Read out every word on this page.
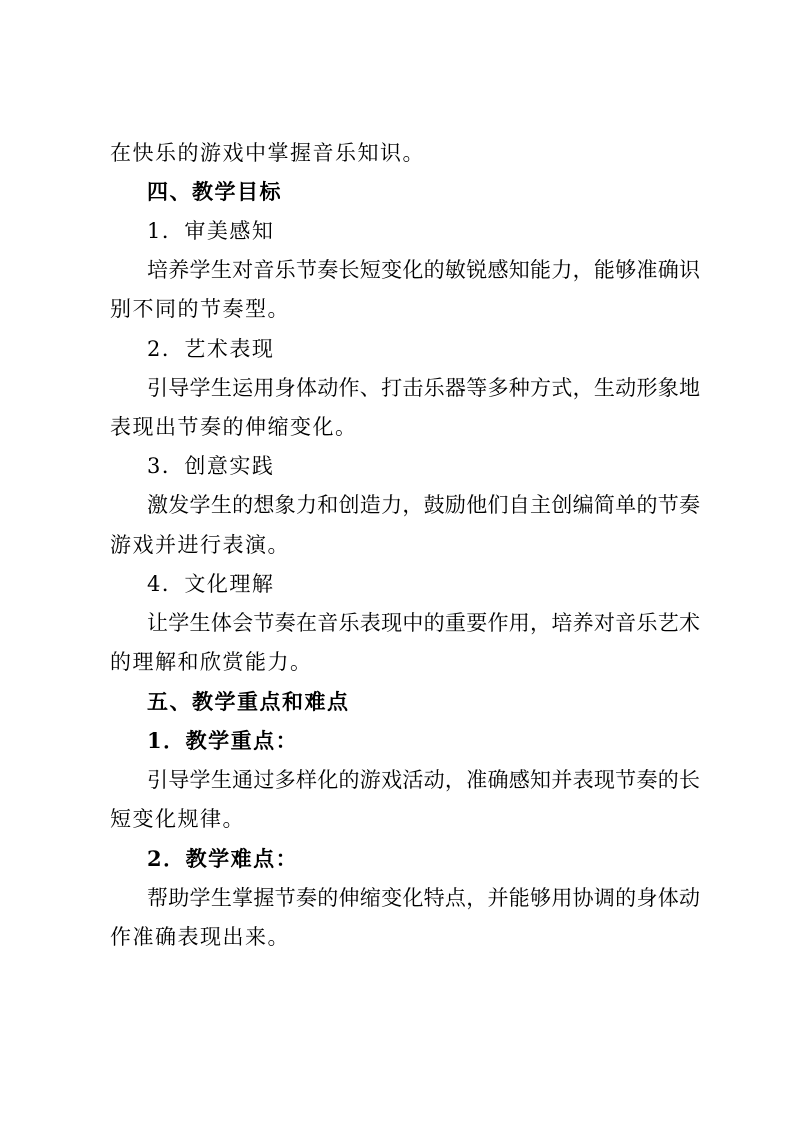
在快乐的游戏中掌握音乐知识。
四、教学目标
1．审美感知
培养学生对音乐节奏长短变化的敏锐感知能力，能够准确识
别不同的节奏型。
2．艺术表现
引导学生运用身体动作、打击乐器等多种方式，生动形象地
表现出节奏的伸缩变化。
3．创意实践
激发学生的想象力和创造力，鼓励他们自主创编简单的节奏
游戏并进行表演。
4．文化理解
让学生体会节奏在音乐表现中的重要作用，培养对音乐艺术
的理解和欣赏能力。
五、教学重点和难点
1．教学重点：
引导学生通过多样化的游戏活动，准确感知并表现节奏的长
短变化规律。
2．教学难点：
帮助学生掌握节奏的伸缩变化特点，并能够用协调的身体动
作准确表现出来。
